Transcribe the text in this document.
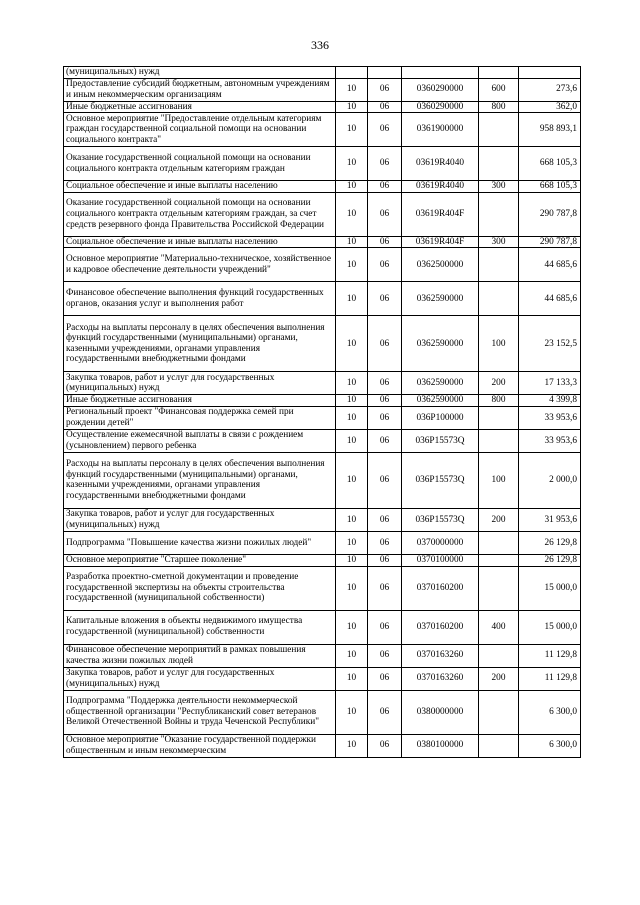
336
(муниципальных) нужд					
Предоставление субсидий бюджетным, автономным учреждениям и иным некоммерческим организациям	10	06	0360290000	600	273,6
Иные бюджетные ассигнования	10	06	0360290000	800	362,0
Основное мероприятие "Предоставление отдельным категориям граждан государственной социальной помощи на основании социального контракта"	10	06	0361900000		958 893,1
Оказание государственной социальной помощи на основании социального контракта отдельным категориям граждан	10	06	03619R4040		668 105,3
Социальное обеспечение и иные выплаты населению	10	06	03619R4040	300	668 105,3
Оказание государственной социальной помощи на основании социального контракта отдельным категориям граждан, за счет средств резервного фонда Правительства Российской Федерации	10	06	03619R404F		290 787,8
Социальное обеспечение и иные выплаты населению	10	06	03619R404F	300	290 787,8
Основное мероприятие "Материально-техническое, хозяйственное и кадровое обеспечение деятельности учреждений"	10	06	0362500000		44 685,6
Финансовое обеспечение выполнения функций государственных органов, оказания услуг и выполнения работ	10	06	0362590000		44 685,6
Расходы на выплаты персоналу в целях обеспечения выполнения функций государственными (муниципальными) органами, казенными учреждениями, органами управления государственными внебюджетными фондами	10	06	0362590000	100	23 152,5
Закупка товаров, работ и услуг для государственных (муниципальных) нужд	10	06	0362590000	200	17 133,3
Иные бюджетные ассигнования	10	06	0362590000	800	4 399,8
Региональный проект "Финансовая поддержка семей при рождении детей"	10	06	036P100000		33 953,6
Осуществление ежемесячной выплаты в связи с рождением (усыновлением) первого ребенка	10	06	036P15573Q		33 953,6
Расходы на выплаты персоналу в целях обеспечения выполнения функций государственными (муниципальными) органами, казенными учреждениями, органами управления государственными внебюджетными фондами	10	06	036P15573Q	100	2 000,0
Закупка товаров, работ и услуг для государственных (муниципальных) нужд	10	06	036P15573Q	200	31 953,6
Подпрограмма "Повышение качества жизни пожилых людей"	10	06	0370000000		26 129,8
Основное мероприятие "Старшее поколение"	10	06	0370100000		26 129,8
Разработка проектно-сметной документации и проведение государственной экспертизы на объекты строительства государственной (муниципальной собственности)	10	06	0370160200		15 000,0
Капитальные вложения в объекты недвижимого имущества государственной (муниципальной) собственности	10	06	0370160200	400	15 000,0
Финансовое обеспечение мероприятий в рамках повышения качества жизни пожилых людей	10	06	0370163260		11 129,8
Закупка товаров, работ и услуг для государственных (муниципальных) нужд	10	06	0370163260	200	11 129,8
Подпрограмма "Поддержка деятельности некоммерческой общественной организации "Республиканский совет ветеранов Великой Отечественной Войны и труда Чеченской Республики"	10	06	0380000000		6 300,0
Основное мероприятие "Оказание государственной поддержки общественным и иным некоммерческим	10	06	0380100000		6 300,0
